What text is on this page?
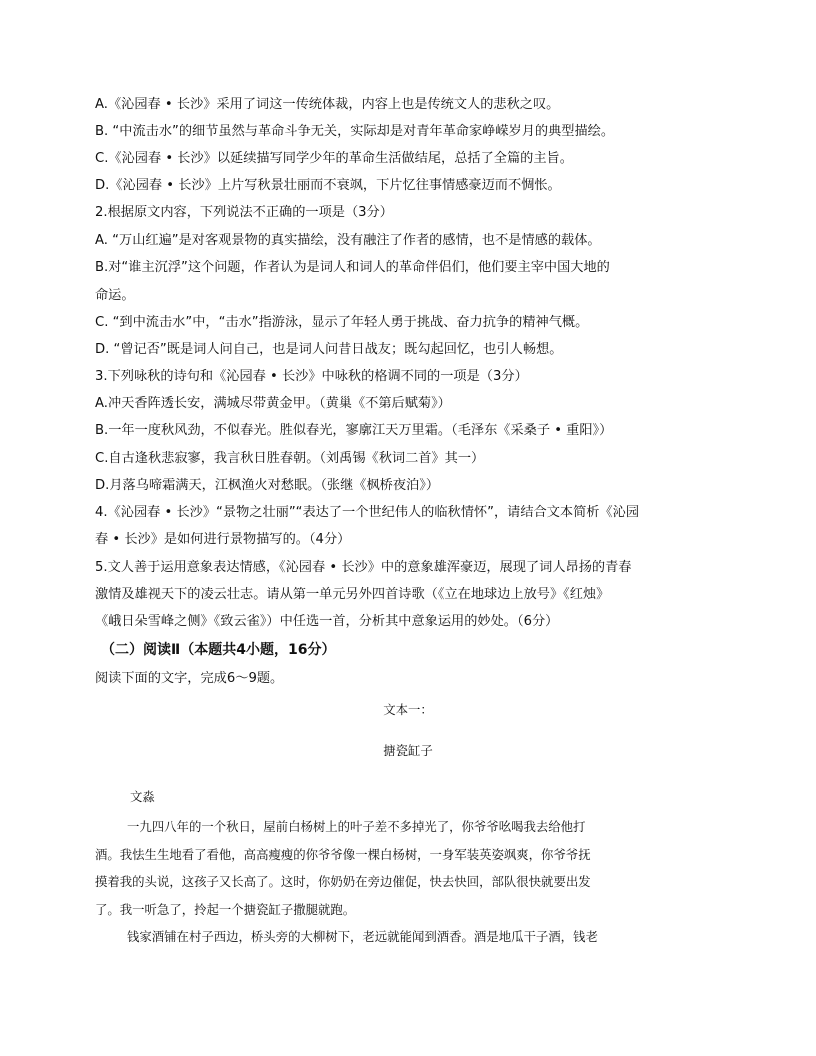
A.《沁园春 • 长沙》采用了词这一传统体裁，内容上也是传统文人的悲秋之叹。
B. “中流击水”的细节虽然与革命斗争无关，实际却是对青年革命家峥嵘岁月的典型描绘。
C.《沁园春 • 长沙》以延续描写同学少年的革命生活做结尾，总括了全篇的主旨。
D.《沁园春 • 长沙》上片写秋景壮丽而不衰飒，下片忆往事情感豪迈而不惆怅。
2.根据原文内容，下列说法不正确的一项是（3分）
A. “万山红遍”是对客观景物的真实描绘，没有融注了作者的感情，也不是情感的载体。
B.对“谁主沉浮”这个问题，作者认为是词人和词人的革命伴侣们，他们要主宰中国大地的
命运。
C. “到中流击水”中，“击水”指游泳，显示了年轻人勇于挑战、奋力抗争的精神气概。
D. “曾记否”既是词人问自己，也是词人问昔日战友；既勾起回忆，也引人畅想。
3.下列咏秋的诗句和《沁园春 • 长沙》中咏秋的格调不同的一项是（3分）
A.冲天香阵透长安，满城尽带黄金甲。（黄巢《不第后赋菊》）
B.一年一度秋风劲，不似春光。胜似春光，寥廓江天万里霜。（毛泽东《采桑子 • 重阳》）
C.自古逢秋悲寂寥，我言秋日胜春朝。（刘禹锡《秋词二首》其一）
D.月落乌啼霜满天，江枫渔火对愁眠。（张继《枫桥夜泊》）
4.《沁园春 • 长沙》“景物之壮丽”“表达了一个世纪伟人的临秋情怀”，请结合文本简析《沁园
春 • 长沙》是如何进行景物描写的。（4分）
5.文人善于运用意象表达情感，《沁园春 • 长沙》中的意象雄浑豪迈，展现了词人昂扬的青春
激情及雄视天下的凌云壮志。请从第一单元另外四首诗歌（《立在地球边上放号》《红烛》
《峨日朵雪峰之侧》《致云雀》）中任选一首，分析其中意象运用的妙处。（6分）
（二）阅读Ⅱ（本题共4小题，16分）
阅读下面的文字，完成6～9题。
文本一：
搪瓷缸子
文淼
一九四八年的一个秋日，屋前白杨树上的叶子差不多掉光了，你爷爷吆喝我去给他打
酒。我怯生生地看了看他，高高瘦瘦的你爷爷像一棵白杨树，一身军装英姿飒爽，你爷爷抚
摸着我的头说，这孩子又长高了。这时，你奶奶在旁边催促，快去快回，部队很快就要出发
了。我一听急了，拎起一个搪瓷缸子撒腿就跑。
钱家酒铺在村子西边，桥头旁的大柳树下，老远就能闻到酒香。酒是地瓜干子酒，钱老
